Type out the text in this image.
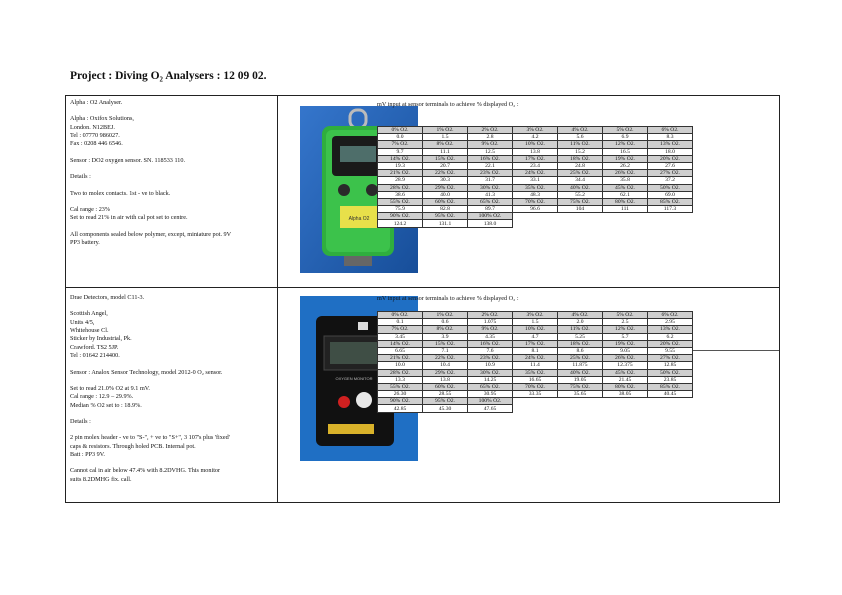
Project : Diving O₂ Analysers : 12 09 02.
Alpha : O2 Analyser.
Alpha : Oxifox Solutions,
London. N12BEJ.
Tel : 07770 986027.
Fax : 0208 446 6546.
Sensor : DO2 oxygen sensor. SN. 118533 110.
Details :
Two to molex contacts. 1st - ve to black.
Cal range : 23%
Set to read 21% in air with cal pot set to centre.
All components sealed below polymer, except, miniature pot. 9V
PP3 battery.
Drae Detectors, model C11-3.
Scottish Angel,
Units 4/5,
Whitehouse Cl.
Sticker by Industrial, Pk.
Crawford. TS2 5JP.
Tel : 01642 214400.
Sensor : Analox Sensor Technology, model 2012-0 O₂ sensor.
Set to read 21.0% O2 at 9.1 mV.
Cal range : 12.9 – 29.9%.
Median % O2 set to : 18.9%.
Details :
2 pin molex header - ve to "S-", + ve to "S+", 3 107's plus 'fixed'
caps & resistors. Through holed PCB. Internal pot.
Batt : PP3 9V.
Cannot cal in air below 47.4% with 8.2DVHG. This monitor
suits 8.2DMHG fix. call.
Alpha O2
OXYGEN MONITOR
mV input at sensor terminals to achieve % displayed O₂ :
mV input at sensor terminals to achieve % displayed O₂ :
0% O2.	1% O2.	2% O2.	3% O2.	4% O2.	5% O2.	6% O2.
0.0	1.5	2.8	4.2	5.6	6.9	8.3
7% O2.	8% O2.	9% O2.	10% O2.	11% O2.	12% O2.	13% O2.
9.7	11.1	12.5	13.8	15.2	16.5	18.0
14% O2.	15% O2.	16% O2.	17% O2.	18% O2.	19% O2.	20% O2.
19.3	20.7	22.1	23.4	24.8	26.2	27.6
21% O2.	22% O2.	23% O2.	24% O2.	25% O2.	26% O2.	27% O2.
28.9	30.3	31.7	33.1	34.4	35.8	37.2
28% O2.	29% O2.	30% O2.	35% O2.	40% O2.	45% O2.	50% O2.
38.6	40.0	41.3	48.3	55.2	62.1	69.0
55% O2.	60% O2.	65% O2.	70% O2.	75% O2.	80% O2.	85% O2.
75.9	82.8	89.7	96.6	104	111	117.3
90% O2.	95% O2.	100% O2.				
124.2	131.1	138.0				
0% O2.	1% O2.	2% O2.	3% O2.	4% O2.	5% O2.	6% O2.
0.1	0.6	1.075	1.5	2.0	2.5	2.95
7% O2.	8% O2.	9% O2.	10% O2.	11% O2.	12% O2.	13% O2.
3.45	3.9	4.35	4.7	5.25	5.7	6.2
14% O2.	15% O2.	16% O2.	17% O2.	18% O2.	19% O2.	20% O2.
6.65	7.1	7.6	8.1	8.6	9.05	9.55
21% O2.	22% O2.	23% O2.	24% O2.	25% O2.	26% O2.	27% O2.
10.0	10.4	10.9	11.4	11.875	12.375	12.85
28% O2.	29% O2.	30% O2.	35% O2.	40% O2.	45% O2.	50% O2.
13.3	13.8	14.25	16.65	19.05	21.45	23.85
55% O2.	60% O2.	65% O2.	70% O2.	75% O2.	80% O2.	85% O2.
26.30	28.55	30.95	33.35	35.65	38.05	40.45
90% O2.	95% O2.	100% O2.				
42.85	45.30	47.65				
